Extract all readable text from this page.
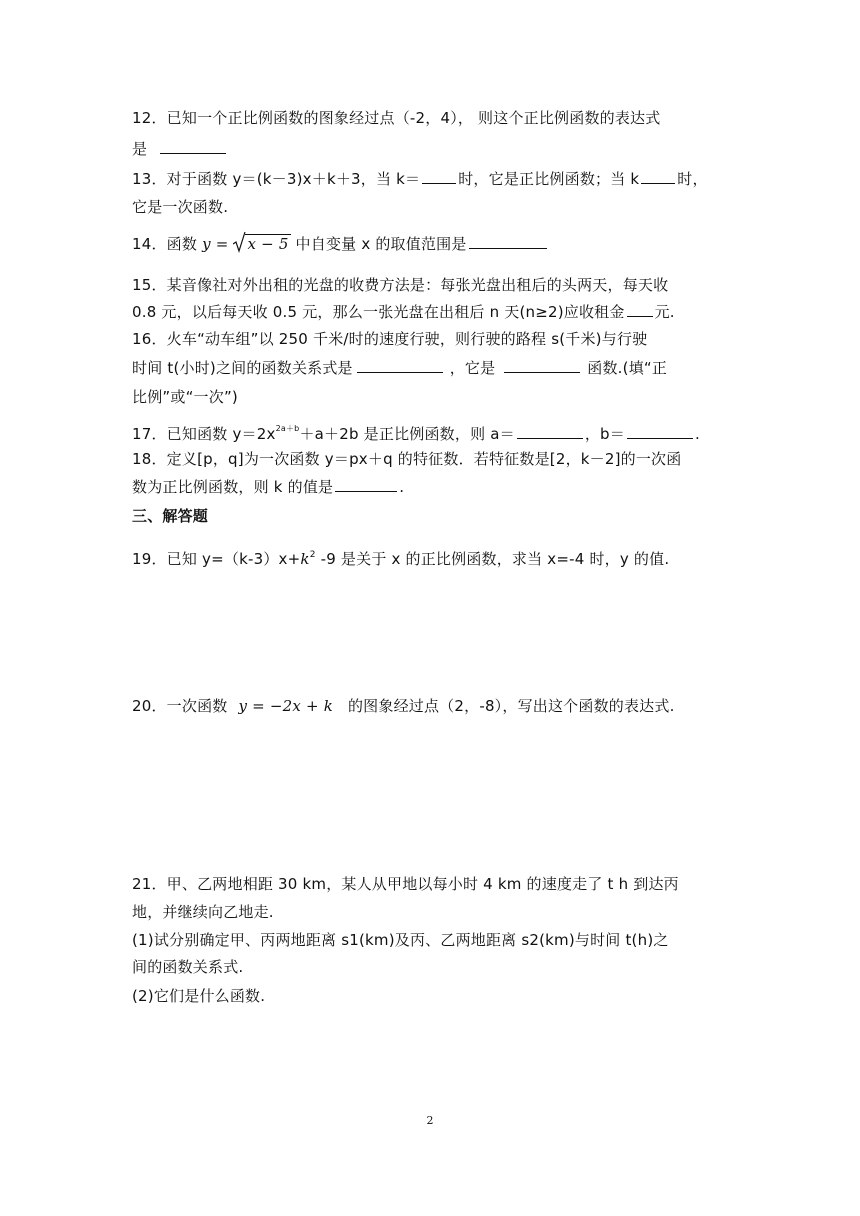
12．已知一个正比例函数的图象经过点（-2，4）， 则这个正比例函数的表达式
是
13．对于函数 y＝(k－3)x＋k＋3，当 k＝	时，它是正比例函数；当 k	时，
它是一次函数.
14．函数 y = x − 5 中自变量 x 的取值范围是
15．某音像社对外出租的光盘的收费方法是：每张光盘出租后的头两天，每天收
0.8 元，以后每天收 0.5 元，那么一张光盘在出租后 n 天(n≥2)应收租金 元.
16．火车“动车组”以 250 千米/时的速度行驶，则行驶的路程 s(千米)与行驶
时间 t(小时)之间的函数关系式是	，它是	函数.(填“正
比例”或“一次”)
17．已知函数 $y=2x^{2a+b}+a+2b$ 是正比例函数，则 a＝	，b＝	.
18．定义[p，q]为一次函数 y＝px＋q 的特征数．若特征数是[2，k－2]的一次函
数为正比例函数，则 k 的值是	.
三、解答题
19．已知 $y=(k-3)x+k^2$ -9 是关于 x 的正比例函数，求当 x=-4 时，y 的值.
20．一次函数 y = −2x + k 的图象经过点（2，-8），写出这个函数的表达式.
21．甲、乙两地相距 30 km，某人从甲地以每小时 4 km 的速度走了 t h 到达丙
地，并继续向乙地走.
(1)试分别确定甲、丙两地距离 s1(km)及丙、乙两地距离 s2(km)与时间 t(h)之
间的函数关系式.
(2)它们是什么函数.
2
